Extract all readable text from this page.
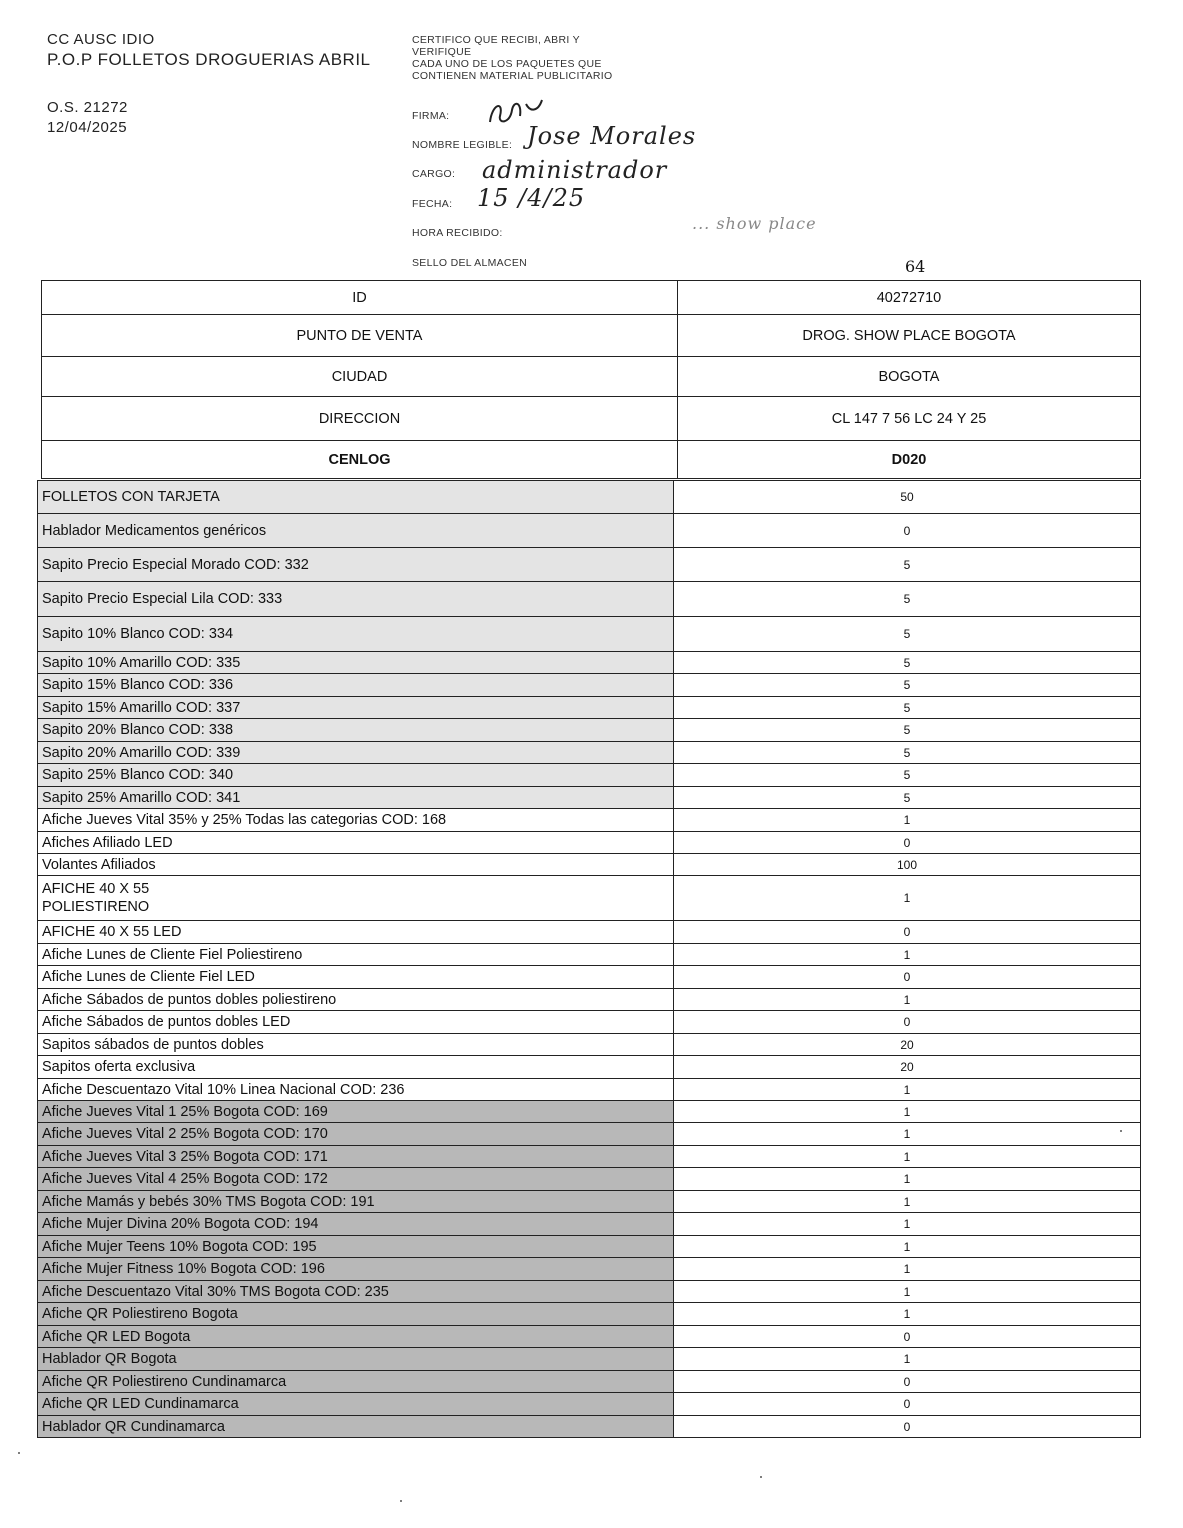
CC AUSC IDIO
P.O.P FOLLETOS DROGUERIAS ABRIL
O.S. 21272
12/04/2025
CERTIFICO QUE RECIBI, ABRI Y
VERIFIQUE
CADA UNO DE LOS PAQUETES QUE
CONTIENEN MATERIAL PUBLICITARIO
FIRMA:
NOMBRE LEGIBLE:
CARGO:
FECHA:
HORA RECIBIDO:
SELLO DEL ALMACEN
Jose Morales
administrador
15 /4/25
... show place
64
ID	40272710
PUNTO DE VENTA	DROG. SHOW PLACE BOGOTA
CIUDAD	BOGOTA
DIRECCION	CL 147 7 56 LC 24 Y 25
CENLOG	D020
FOLLETOS CON TARJETA	50
Hablador Medicamentos genéricos	0
Sapito Precio Especial Morado COD: 332	5
Sapito Precio Especial Lila COD: 333	5
Sapito 10% Blanco COD: 334	5
Sapito 10% Amarillo COD: 335	5
Sapito 15% Blanco COD: 336	5
Sapito 15% Amarillo COD: 337	5
Sapito 20% Blanco COD: 338	5
Sapito 20% Amarillo COD: 339	5
Sapito 25% Blanco COD: 340	5
Sapito 25% Amarillo COD: 341	5
Afiche Jueves Vital 35% y 25% Todas las categorias COD: 168	1
Afiches Afiliado LED	0
Volantes Afiliados	100
AFICHE 40 X 55
POLIESTIRENO	1
AFICHE 40 X 55 LED	0
Afiche Lunes de Cliente Fiel Poliestireno	1
Afiche Lunes de Cliente Fiel LED	0
Afiche Sábados de puntos dobles poliestireno	1
Afiche Sábados de puntos dobles LED	0
Sapitos sábados de puntos dobles	20
Sapitos oferta exclusiva	20
Afiche Descuentazo Vital 10% Linea Nacional COD: 236	1
Afiche Jueves Vital 1 25% Bogota COD: 169	1
Afiche Jueves Vital 2 25% Bogota COD: 170	1
Afiche Jueves Vital 3 25% Bogota COD: 171	1
Afiche Jueves Vital 4 25% Bogota COD: 172	1
Afiche Mamás y bebés 30% TMS Bogota COD: 191	1
Afiche Mujer Divina 20% Bogota COD: 194	1
Afiche Mujer Teens 10% Bogota COD: 195	1
Afiche Mujer Fitness 10% Bogota COD: 196	1
Afiche Descuentazo Vital 30% TMS Bogota COD: 235	1
Afiche QR Poliestireno Bogota	1
Afiche QR LED Bogota	0
Hablador QR Bogota	1
Afiche QR Poliestireno Cundinamarca	0
Afiche QR LED Cundinamarca	0
Hablador QR Cundinamarca	0
